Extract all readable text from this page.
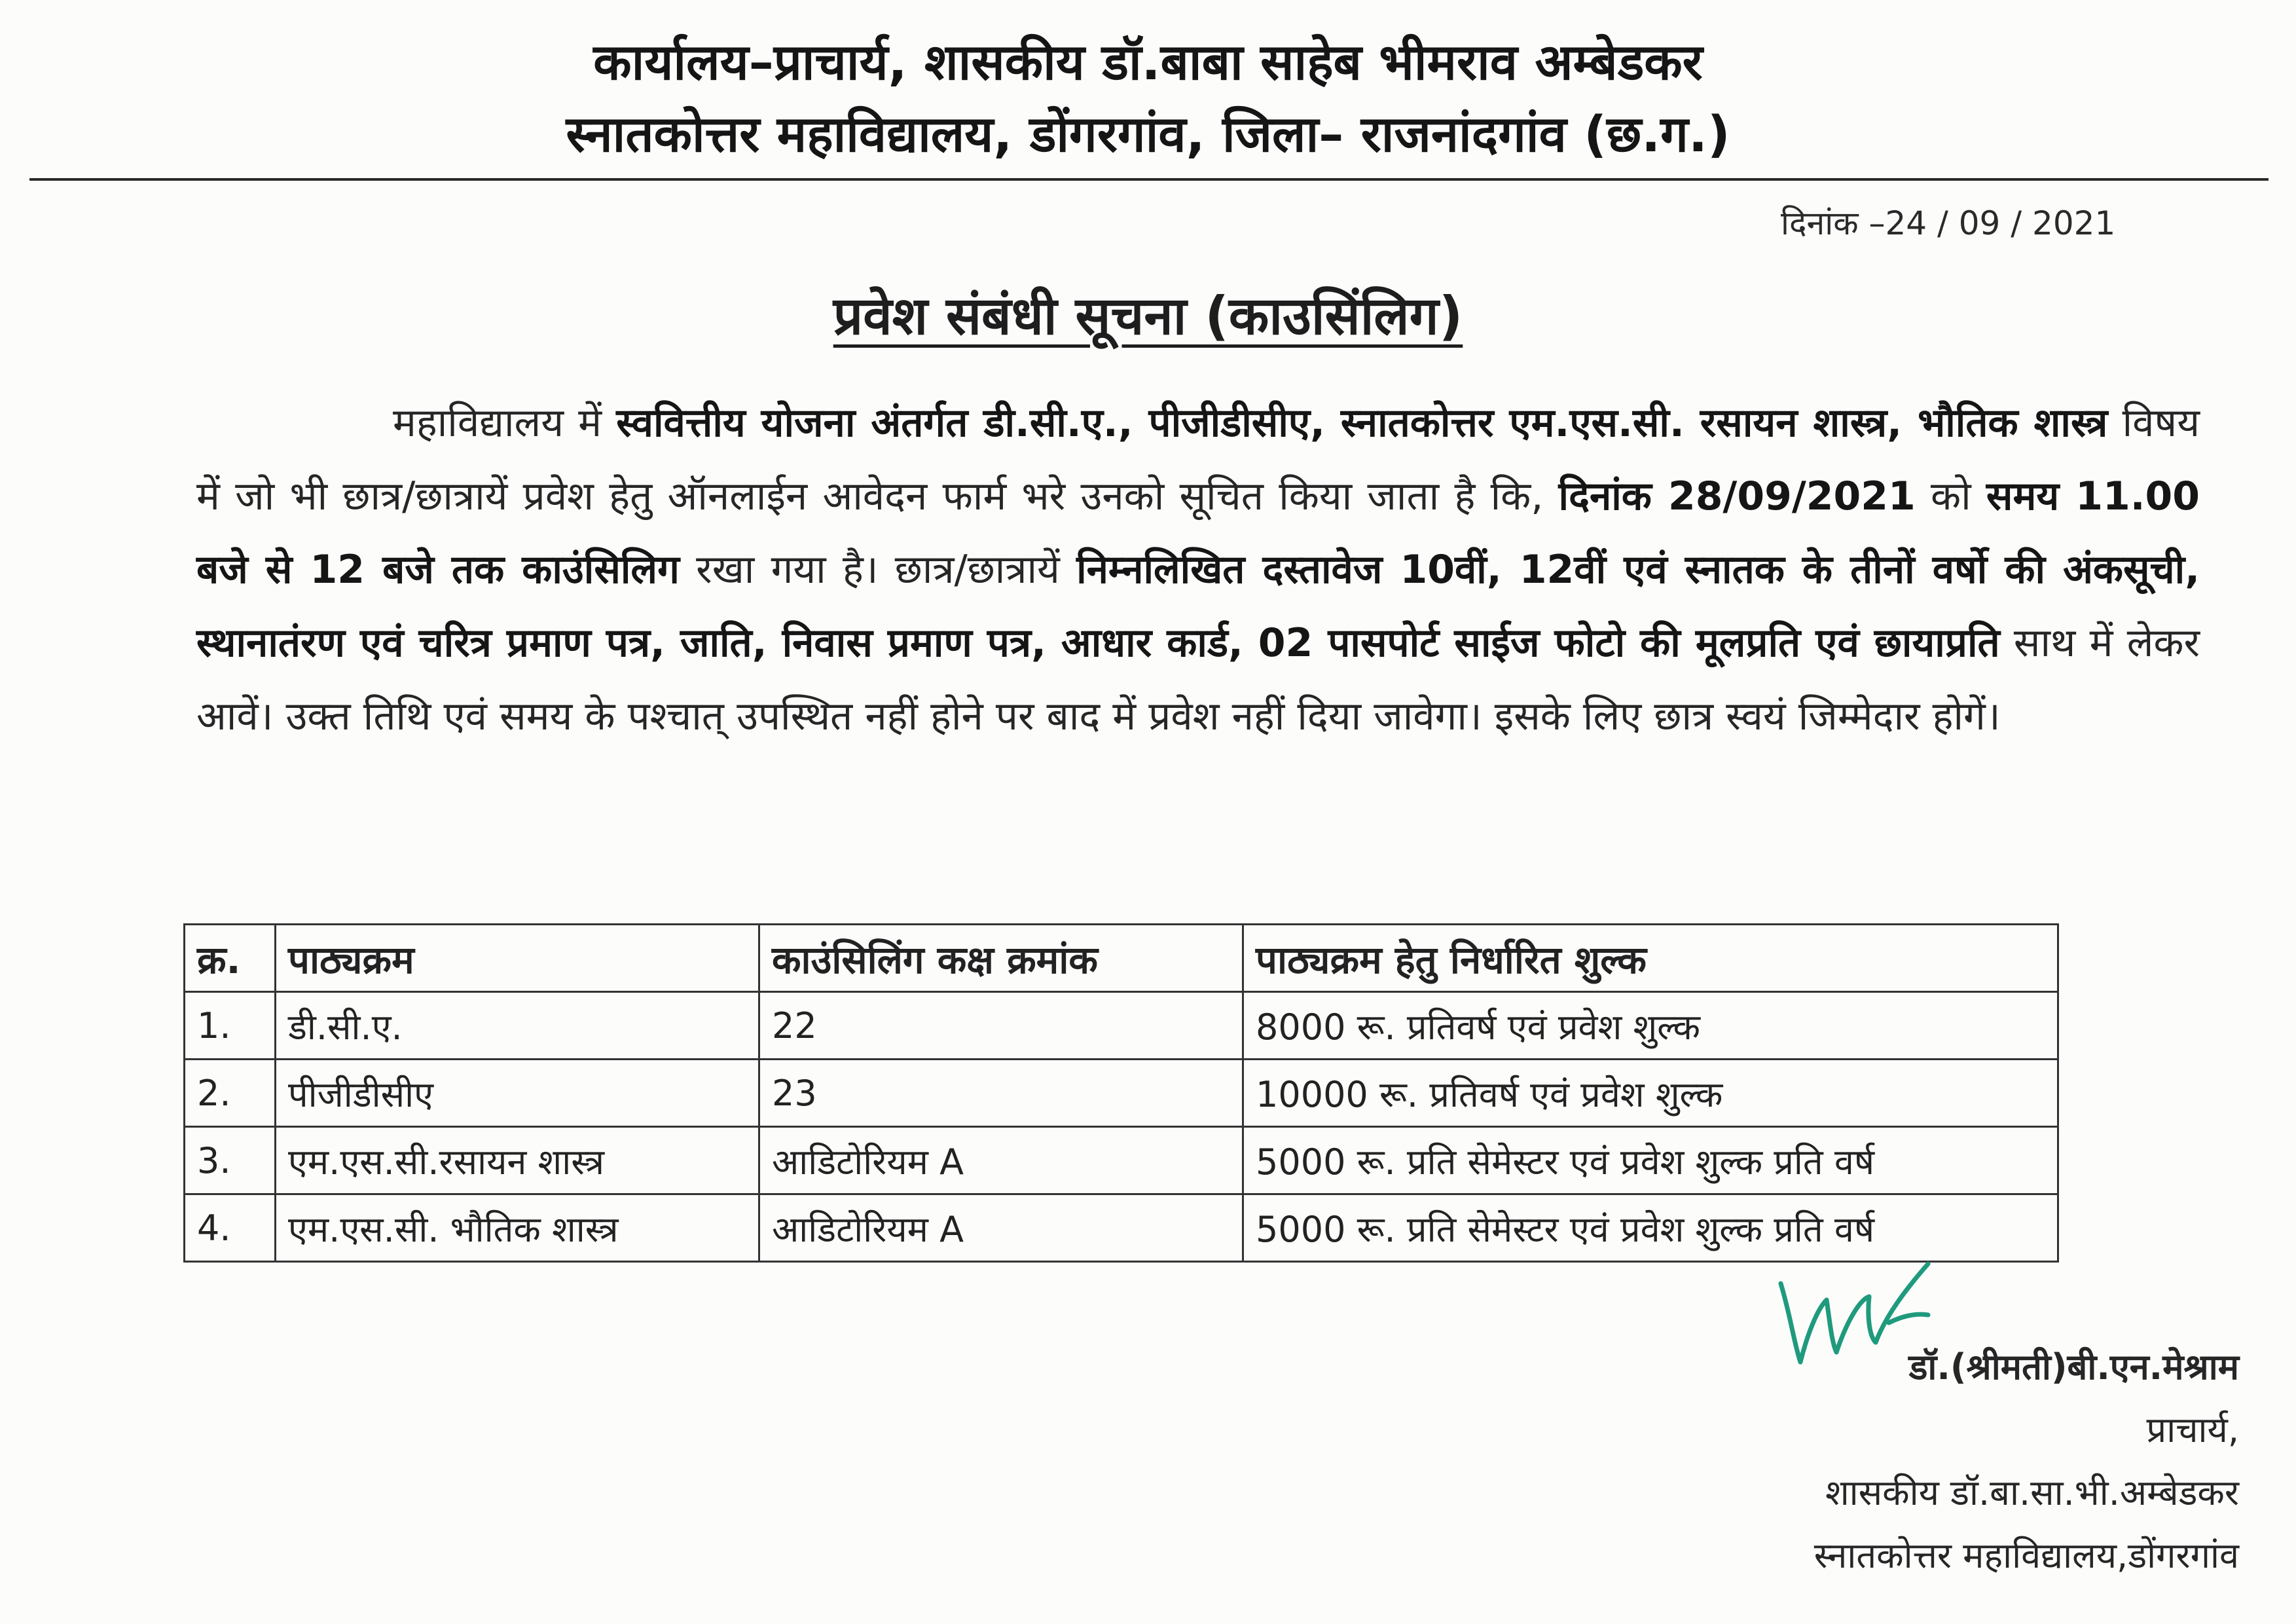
कार्यालय–प्राचार्य, शासकीय डॉ.बाबा साहेब भीमराव अम्बेडकर
स्नातकोत्तर महाविद्यालय, डोंगरगांव, जिला– राजनांदगांव (छ.ग.)
दिनांक –24 / 09 / 2021
प्रवेश संबंधी सूचना (काउसिंलिग)
महाविद्यालय में स्ववित्तीय योजना अंतर्गत डी.सी.ए., पीजीडीसीए, स्नातकोत्तर एम.एस.सी. रसायन शास्त्र, भौतिक शास्त्र विषय में जो भी छात्र/छात्रायें प्रवेश हेतु ऑनलाईन आवेदन फार्म भरे उनको सूचित किया जाता है कि, दिनांक 28/09/2021 को समय 11.00 बजे से 12 बजे तक काउंसिलिग रखा गया है। छात्र/छात्रायें निम्नलिखित दस्तावेज 10वीं, 12वीं एवं स्नातक के तीनों वर्षो की अंकसूची, स्थानातंरण एवं चरित्र प्रमाण पत्र, जाति, निवास प्रमाण पत्र, आधार कार्ड, 02 पासपोर्ट साईज फोटो की मूलप्रति एवं छायाप्रति साथ में लेकर आवें। उक्त तिथि एवं समय के पश्चात् उपस्थित नहीं होने पर बाद में प्रवेश नहीं दिया जावेगा। इसके लिए छात्र स्वयं जिम्मेदार होगें।
क्र.	पाठ्यक्रम	काउंसिलिंग कक्ष क्रमांक	पाठ्यक्रम हेतु निर्धारित शुल्क
1.	डी.सी.ए.	22	8000 रू. प्रतिवर्ष एवं प्रवेश शुल्क
2.	पीजीडीसीए	23	10000 रू. प्रतिवर्ष एवं प्रवेश शुल्क
3.	एम.एस.सी.रसायन शास्त्र	आडिटोरियम A	5000 रू. प्रति सेमेस्टर एवं प्रवेश शुल्क प्रति वर्ष
4.	एम.एस.सी. भौतिक शास्त्र	आडिटोरियम A	5000 रू. प्रति सेमेस्टर एवं प्रवेश शुल्क प्रति वर्ष
डॉ.(श्रीमती)बी.एन.मेश्राम
प्राचार्य,
शासकीय डॉ.बा.सा.भी.अम्बेडकर
स्नातकोत्तर महाविद्यालय,डोंगरगांव
